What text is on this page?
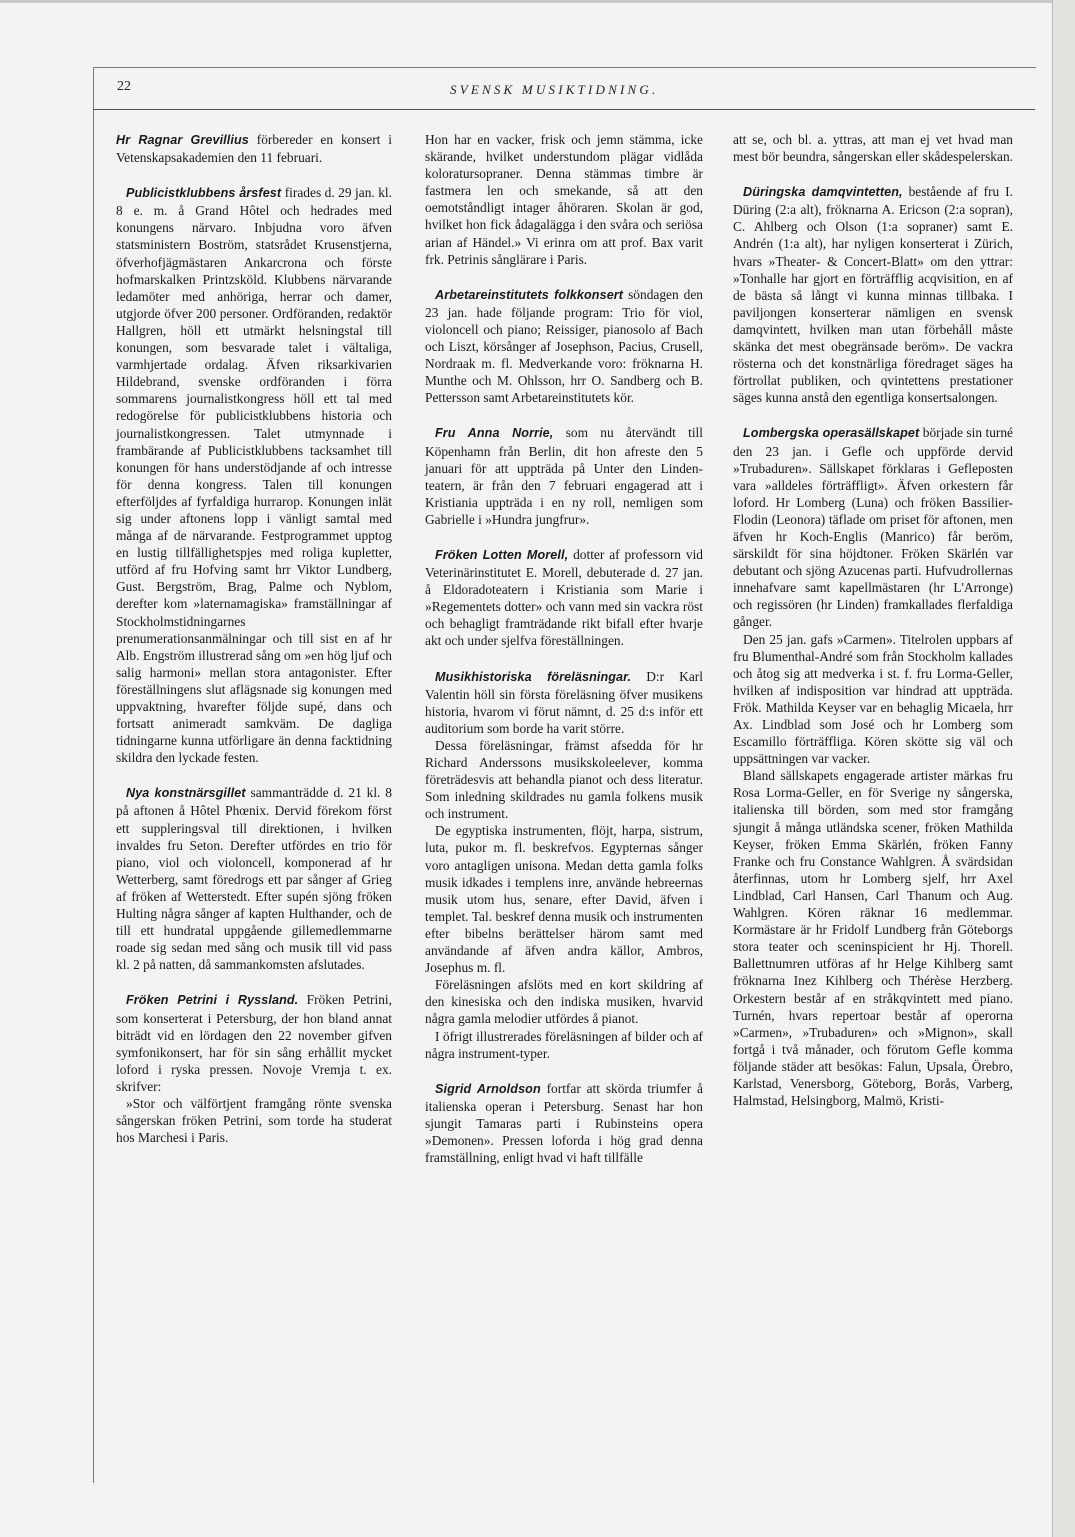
22	SVENSK MUSIKTIDNING.

Hr Ragnar Grevillius förbereder en konsert i Vetenskapsakademien den 11 februari.

Publicistklubbens årsfest firades d. 29 jan. kl. 8 e. m. å Grand Hôtel och hedrades med konungens närvaro. Inbjudna voro äfven statsministern Boström, statsrådet Krusenstjerna, öfverhofjägmästaren Ankarcrona och förste hofmarskalken Printzsköld. Klubbens närvarande ledamöter med anhöriga, herrar och damer, utgjorde öfver 200 personer. Ordföranden, redaktör Hallgren, höll ett utmärkt helsningstal till konungen, som besvarade talet i vältaliga, varmhjertade ordalag. Äfven riksarkivarien Hildebrand, svenske ordföranden i förra sommarens journalistkongress höll ett tal med redogörelse för publicistklubbens historia och journalistkongressen. Talet utmynnade i frambärande af Publicistklubbens tacksamhet till konungen för hans understödjande af och intresse för denna kongress. Talen till konungen efterföljdes af fyrfaldiga hurrarop. Konungen inlät sig under aftonens lopp i vänligt samtal med många af de närvarande. Festprogrammet upptog en lustig tillfällighetspjes med roliga kupletter, utförd af fru Hofving samt hrr Viktor Lundberg, Gust. Bergström, Brag, Palme och Nyblom, derefter kom »laternamagiska» framställningar af Stockholmstidningarnes prenumerationsanmälningar och till sist en af hr Alb. Engström illustrerad sång om »en hög ljuf och salig harmoni» mellan stora antagonister. Efter föreställningens slut aflägsnade sig konungen med uppvaktning, hvarefter följde supé, dans och fortsatt animeradt samkväm. De dagliga tidningarne kunna utförligare än denna facktidning skildra den lyckade festen.

Nya konstnärsgillet sammanträdde d. 21 kl. 8 på aftonen å Hôtel Phœnix. Dervid förekom först ett suppleringsval till direktionen, i hvilken invaldes fru Seton. Derefter utfördes en trio för piano, viol och violoncell, komponerad af hr Wetterberg, samt föredrogs ett par sånger af Grieg af fröken af Wetterstedt. Efter supén sjöng fröken Hulting några sånger af kapten Hulthander, och de till ett hundratal uppgående gillemedlemmarne roade sig sedan med sång och musik till vid pass kl. 2 på natten, då sammankomsten afslutades.

Fröken Petrini i Ryssland. Fröken Petrini, som konserterat i Petersburg, der hon bland annat biträdt vid en lördagen den 22 november gifven symfonikonsert, har för sin sång erhållit mycket loford i ryska pressen. Novoje Vremja t. ex. skrifver:

»Stor och välförtjent framgång rönte svenska sångerskan fröken Petrini, som torde ha studerat hos Marchesi i Paris.

Hon har en vacker, frisk och jemn stämma, icke skärande, hvilket understundom plägar vidlåda koloratursopraner. Denna stämmas timbre är fastmera len och smekande, så att den oemotståndligt intager åhöraren. Skolan är god, hvilket hon fick ådagalägga i den svåra och seriösa arian af Händel.» Vi erinra om att prof. Bax varit frk. Petrinis sånglärare i Paris.

Arbetareinstitutets folkkonsert söndagen den 23 jan. hade följande program: Trio för viol, violoncell och piano; Reissiger, pianosolo af Bach och Liszt, körsånger af Josephson, Pacius, Crusell, Nordraak m. fl. Medverkande voro: fröknarna H. Munthe och M. Ohlsson, hrr O. Sandberg och B. Pettersson samt Arbetareinstitutets kör.

Fru Anna Norrie, som nu återvändt till Köpenhamn från Berlin, dit hon afreste den 5 januari för att uppträda på Unter den Linden-teatern, är från den 7 februari engagerad att i Kristiania uppträda i en ny roll, nemligen som Gabrielle i »Hundra jungfrur».

Fröken Lotten Morell, dotter af professorn vid Veterinärinstitutet E. Morell, debuterade d. 27 jan. å Eldoradoteatern i Kristiania som Marie i »Regementets dotter» och vann med sin vackra röst och behagligt framträdande rikt bifall efter hvarje akt och under sjelfva föreställningen.

Musikhistoriska föreläsningar. D:r Karl Valentin höll sin första föreläsning öfver musikens historia, hvarom vi förut nämnt, d. 25 d:s inför ett auditorium som borde ha varit större.

Dessa föreläsningar, främst afsedda för hr Richard Anderssons musikskoleelever, komma företrädesvis att behandla pianot och dess literatur. Som inledning skildrades nu gamla folkens musik och instrument.

De egyptiska instrumenten, flöjt, harpa, sistrum, luta, pukor m. fl. beskrefvos. Egypternas sånger voro antagligen unisona. Medan detta gamla folks musik idkades i templens inre, använde hebreernas musik utom hus, senare, efter David, äfven i templet. Tal. beskref denna musik och instrumenten efter bibelns berättelser härom samt med användande af äfven andra källor, Ambros, Josephus m. fl.

Föreläsningen afslöts med en kort skildring af den kinesiska och den indiska musiken, hvarvid några gamla melodier utfördes å pianot.

I öfrigt illustrerades föreläsningen af bilder och af några instrument-typer.

Sigrid Arnoldson fortfar att skörda triumfer å italienska operan i Petersburg. Senast har hon sjungit Tamaras parti i Rubinsteins opera »Demonen». Pressen loforda i hög grad denna framställning, enligt hvad vi haft tillfälle

att se, och bl. a. yttras, att man ej vet hvad man mest bör beundra, sångerskan eller skådespelerskan.

Düringska damqvintetten, bestående af fru I. Düring (2:a alt), fröknarna A. Ericson (2:a sopran), C. Ahlberg och Olson (1:a sopraner) samt E. Andrén (1:a alt), har nyligen konserterat i Zürich, hvars »Theater- & Concert-Blatt» om den yttrar: »Tonhalle har gjort en förträfflig acqvisition, en af de bästa så långt vi kunna minnas tillbaka. I paviljongen konserterar nämligen en svensk damqvintett, hvilken man utan förbehåll måste skänka det mest obegränsade beröm». De vackra rösterna och det konstnärliga föredraget säges ha förtrollat publiken, och qvintettens prestationer säges kunna anstå den egentliga konsertsalongen.

Lombergska operasällskapet började sin turné den 23 jan. i Gefle och uppförde dervid »Trubaduren». Sällskapet förklaras i Gefleposten vara »alldeles förträffligt». Äfven orkestern får loford. Hr Lomberg (Luna) och fröken Bassilier-Flodin (Leonora) täflade om priset för aftonen, men äfven hr Koch-Englis (Manrico) får beröm, särskildt för sina höjdtoner. Fröken Skärlén var debutant och sjöng Azucenas parti. Hufvudrollernas innehafvare samt kapellmästaren (hr L'Arronge) och regissören (hr Linden) framkallades flerfaldiga gånger.

Den 25 jan. gafs »Carmen». Titelrolen uppbars af fru Blumenthal-André som från Stockholm kallades och åtog sig att medverka i st. f. fru Lorma-Geller, hvilken af indisposition var hindrad att uppträda. Frök. Mathilda Keyser var en behaglig Micaela, hrr Ax. Lindblad som José och hr Lomberg som Escamillo förträffliga. Kören skötte sig väl och uppsättningen var vacker.

Bland sällskapets engagerade artister märkas fru Rosa Lorma-Geller, en för Sverige ny sångerska, italienska till börden, som med stor framgång sjungit å många utländska scener, fröken Mathilda Keyser, fröken Emma Skärlén, fröken Fanny Franke och fru Constance Wahlgren. Å svärdsidan återfinnas, utom hr Lomberg sjelf, hrr Axel Lindblad, Carl Hansen, Carl Thanum och Aug. Wahlgren. Kören räknar 16 medlemmar. Kormästare är hr Fridolf Lundberg från Göteborgs stora teater och sceninspicient hr Hj. Thorell. Ballettnumren utföras af hr Helge Kihlberg samt fröknarna Inez Kihlberg och Thérèse Herzberg. Orkestern består af en stråkqvintett med piano. Turnén, hvars repertoar består af operorna »Carmen», »Trubaduren» och »Mignon», skall fortgå i två månader, och förutom Gefle komma följande städer att besökas: Falun, Upsala, Örebro, Karlstad, Venersborg, Göteborg, Borås, Varberg, Halmstad, Helsingborg, Malmö, Kristi-
